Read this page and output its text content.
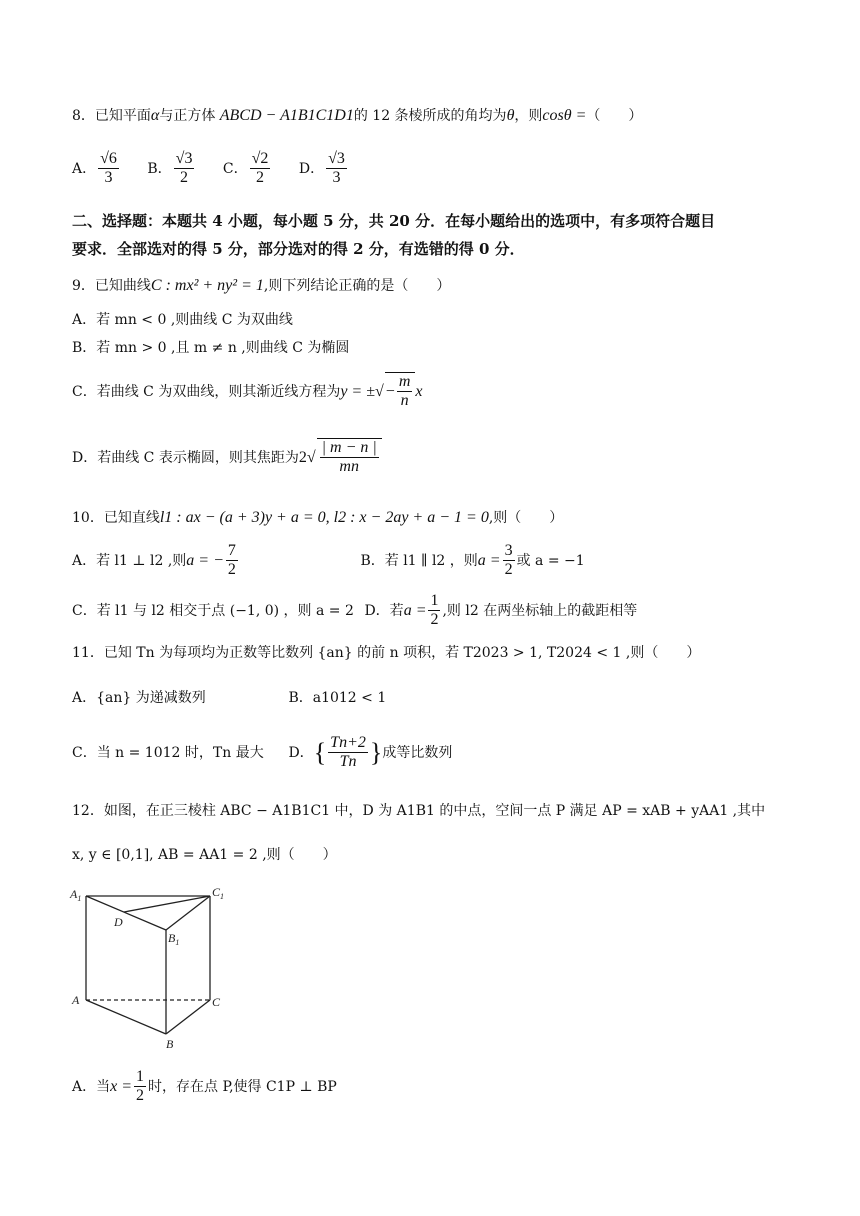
8．已知平面α与正方体 ABCD − A1B1C1D1的 12 条棱所成的角均为θ，则cosθ =（　　）
A． $\frac{√6}{3}$ B． $\frac{√3}{2}$ C． $\frac{√2}{2}$ D． $\frac{√3}{3}$
二、选择题：本题共 4 小题，每小题 5 分，共 20 分．在每小题给出的选项中，有多项符合题目
要求．全部选对的得 5 分，部分选对的得 2 分，有选错的得 0 分．
9．已知曲线C : mx² + ny² = 1,则下列结论正确的是（　　）
A．若 mn < 0 ,则曲线 C 为双曲线
B．若 mn > 0 ,且 m ≠ n ,则曲线 C 为椭圆
C．若曲线 C 为双曲线，则其渐近线方程为y = ±√ − $\frac{m}{n}$ x
D．若曲线 C 表示椭圆，则其焦距为$2√ \frac{| m - n |}{mn}$
10．已知直线l1 : ax − (a + 3)y + a = 0, l2 : x − 2ay + a − 1 = 0,则（　　）
A．若 l1 ⊥ l2 ,则a = − $\frac{7}{2}$	B．若 l1 ∥ l2 ，则$a = \frac{3}{2}$ 或 a = −1
C．若 l1 与 l2 相交于点 (−1, 0) ，则 a = 2 D．若$a = \frac{1}{2}$ ,则 l2 在两坐标轴上的截距相等
11．已知 Tn 为每项均为正数等比数列 {an} 的前 n 项积，若 T2023 > 1, T2024 < 1 ,则（　　）
A．{an} 为递减数列	B．a1012 < 1
C．当 n = 1012 时，Tn 最大 D．{ $\frac{Tn+2}{Tn}$ }成等比数列
12．如图，在正三棱柱 ABC − A1B1C1 中，D 为 A1B1 的中点，空间一点 P 满足 AP = xAB + yAA1 ,其中
x, y ∈ [0,1], AB = AA1 = 2 ,则（　　）
$A_1$	$C_1$
D
$B_1$
A	C
B
A．当$x = \frac{1}{2}$ 时，存在点 P,使得 C1P ⊥ BP
